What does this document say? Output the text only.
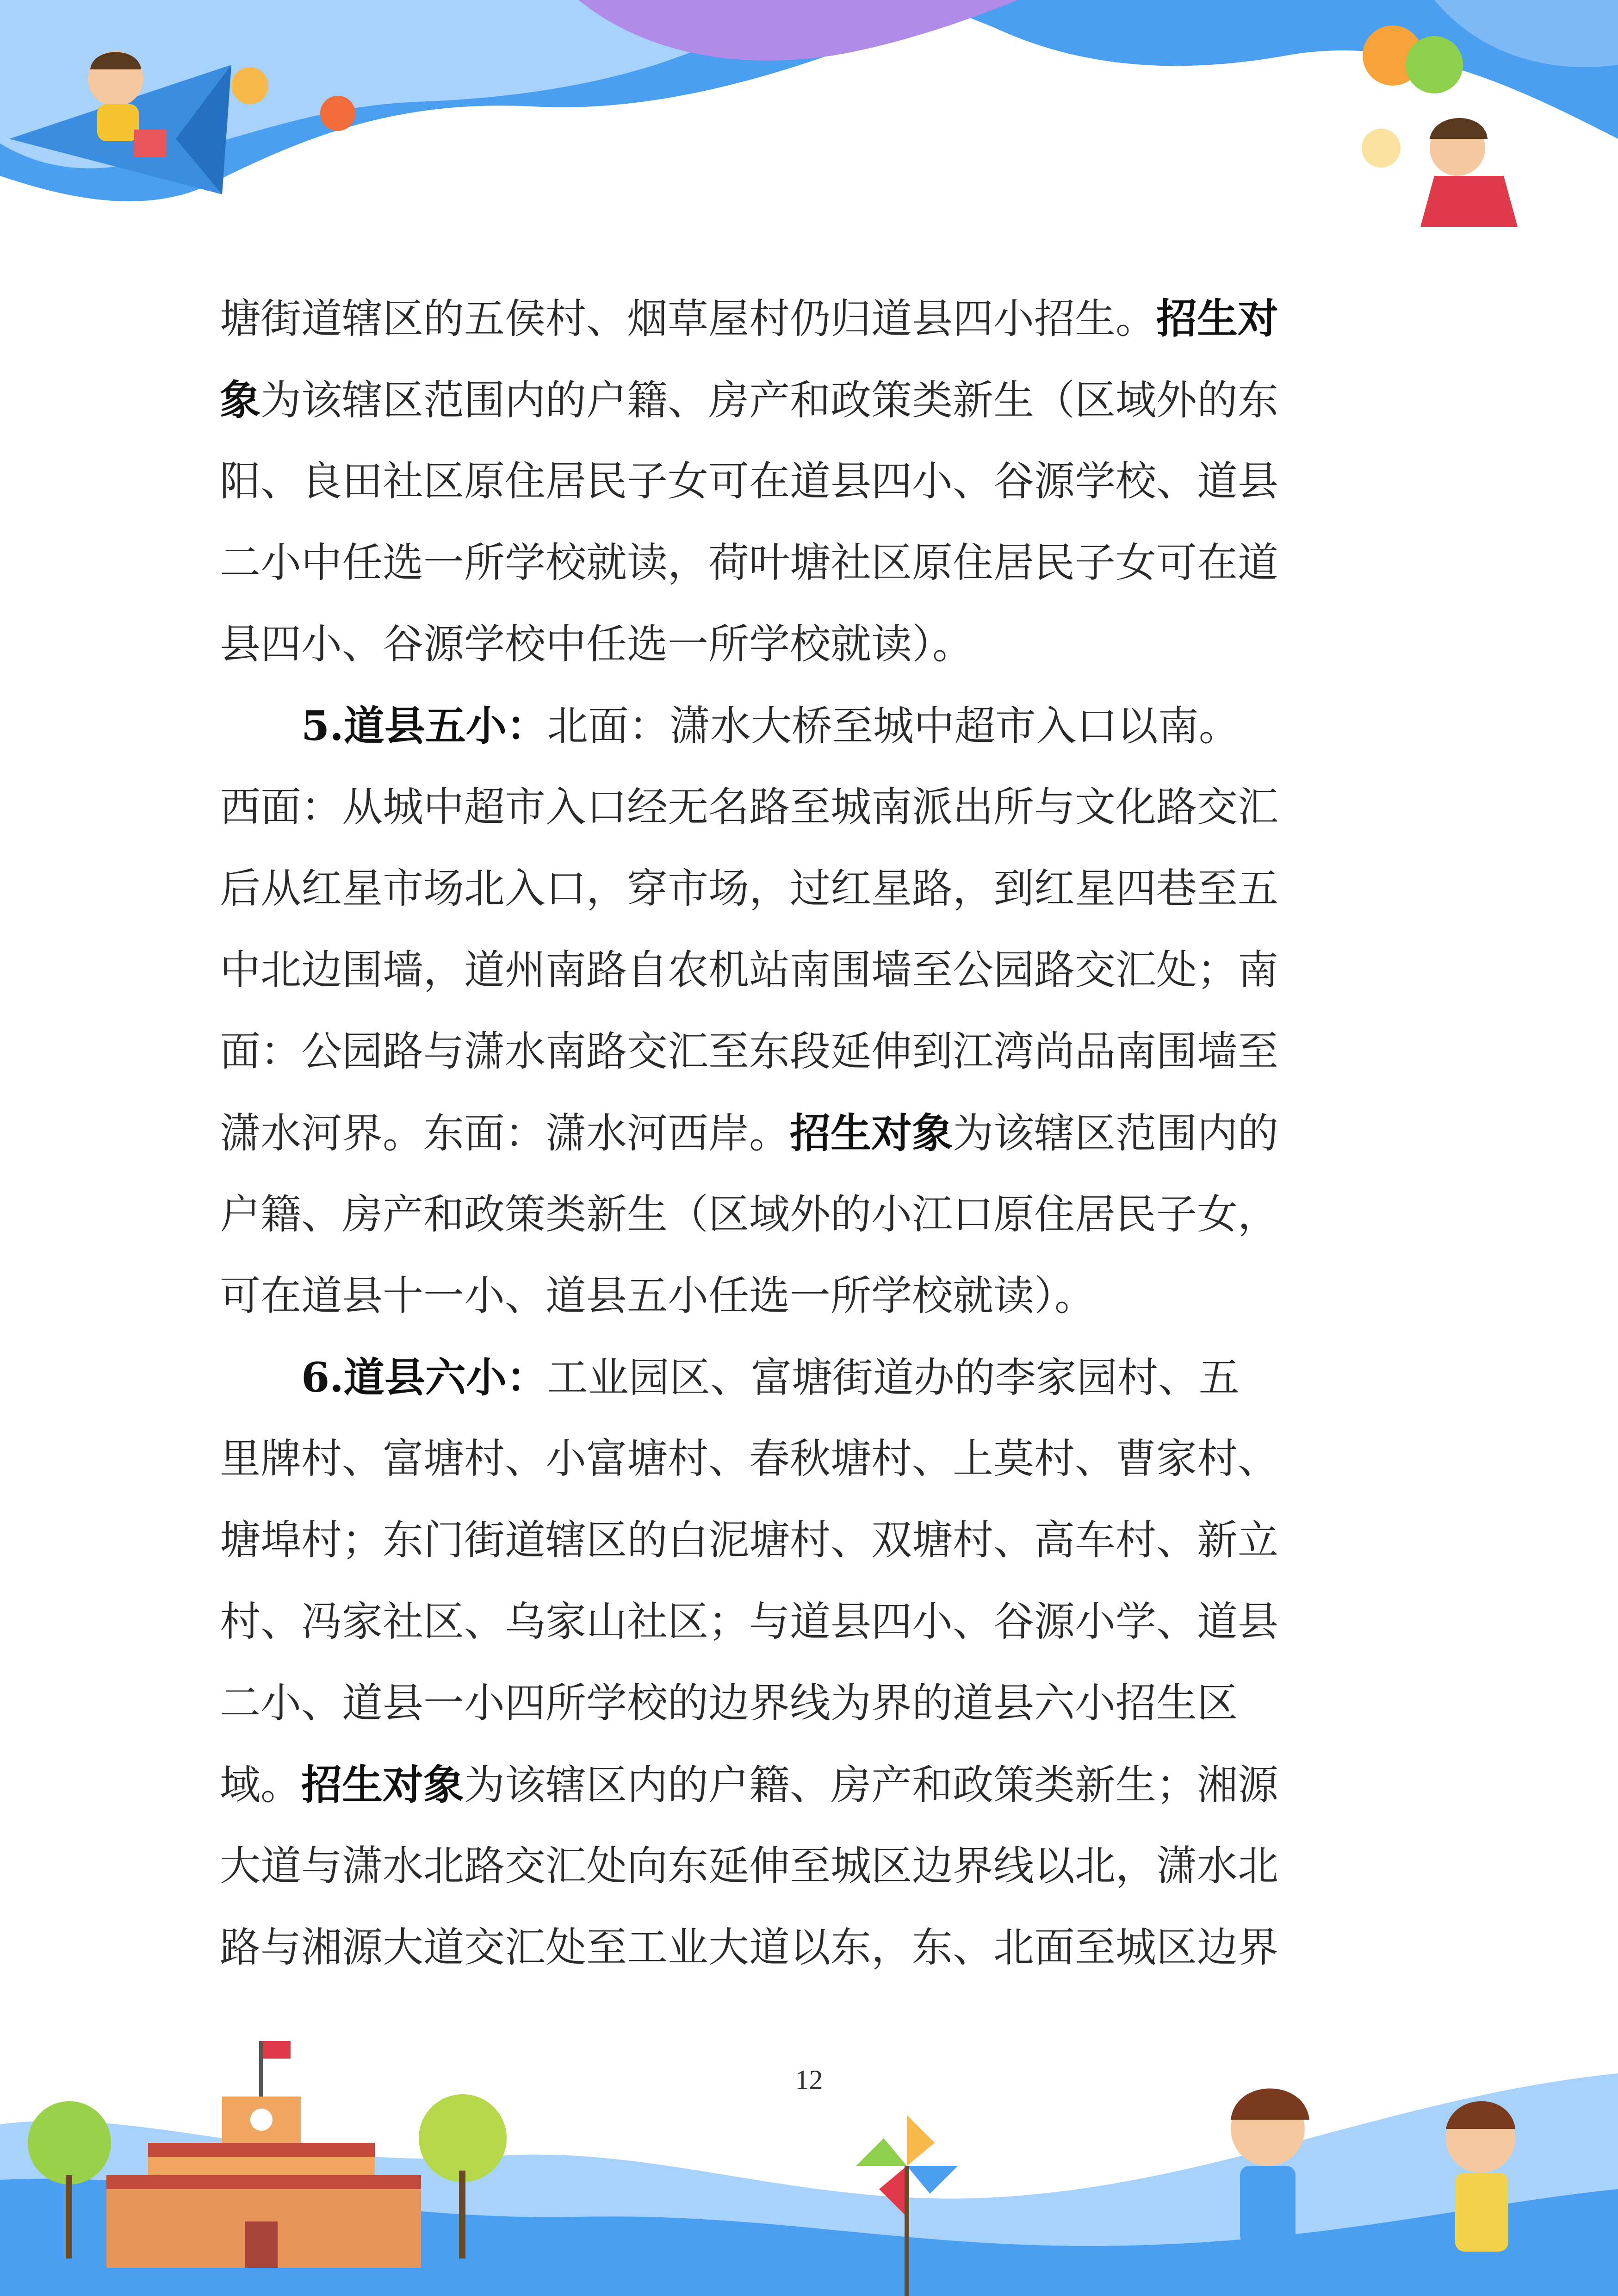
塘街道辖区的五侯村、烟草屋村仍归道县四小招生。招生对
象为该辖区范围内的户籍、房产和政策类新生（区域外的东
阳、良田社区原住居民子女可在道县四小、谷源学校、道县
二小中任选一所学校就读，荷叶塘社区原住居民子女可在道
县四小、谷源学校中任选一所学校就读）。
　　5.道县五小：北面：潇水大桥至城中超市入口以南。
西面：从城中超市入口经无名路至城南派出所与文化路交汇
后从红星市场北入口，穿市场，过红星路，到红星四巷至五
中北边围墙，道州南路自农机站南围墙至公园路交汇处；南
面：公园路与潇水南路交汇至东段延伸到江湾尚品南围墙至
潇水河界。东面：潇水河西岸。招生对象为该辖区范围内的
户籍、房产和政策类新生（区域外的小江口原住居民子女，
可在道县十一小、道县五小任选一所学校就读）。
　　6.道县六小：工业园区、富塘街道办的李家园村、五
里牌村、富塘村、小富塘村、春秋塘村、上莫村、曹家村、
塘埠村；东门街道辖区的白泥塘村、双塘村、高车村、新立
村、冯家社区、乌家山社区；与道县四小、谷源小学、道县
二小、道县一小四所学校的边界线为界的道县六小招生区
域。招生对象为该辖区内的户籍、房产和政策类新生；湘源
大道与潇水北路交汇处向东延伸至城区边界线以北，潇水北
路与湘源大道交汇处至工业大道以东，东、北面至城区边界
12
